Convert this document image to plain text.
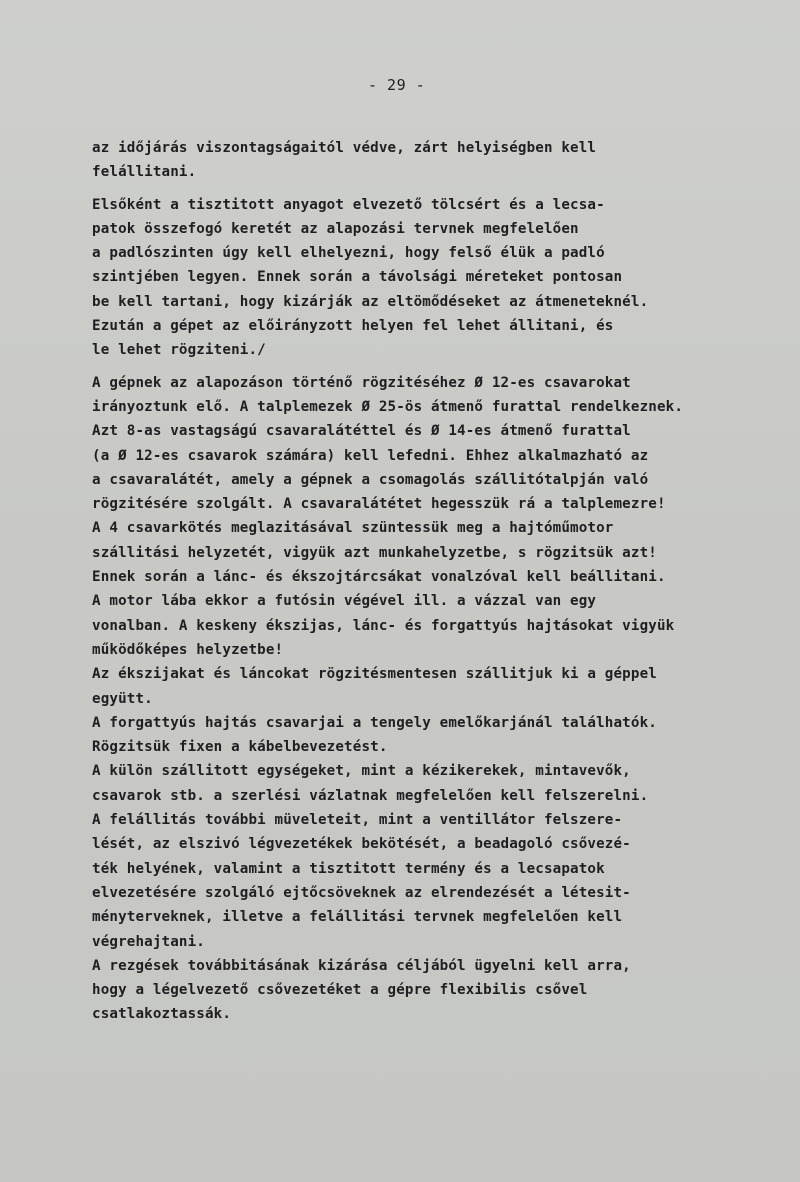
- 29 -
az időjárás viszontagságaitól védve, zárt helyiségben kell
felállitani.
Elsőként a tisztitott anyagot elvezető tölcsért és a lecsa-
patok összefogó keretét az alapozási tervnek megfelelően
a padlószinten úgy kell elhelyezni, hogy felső élük a padló
szintjében legyen. Ennek során a távolsági méreteket pontosan
be kell tartani, hogy kizárják az eltömődéseket az átmeneteknél.
Ezután a gépet az előirányzott helyen fel lehet állitani, és
le lehet rögziteni./
A gépnek az alapozáson történő rögzitéséhez Ø 12-es csavarokat
irányoztunk elő. A talplemezek Ø 25-ös átmenő furattal rendelkeznek.
Azt 8-as vastagságú csavaralátéttel és Ø 14-es átmenő furattal
(a Ø 12-es csavarok számára) kell lefedni. Ehhez alkalmazható az
a csavaralátét, amely a gépnek a csomagolás szállitótalpján való
rögzitésére szolgált. A csavaralátétet hegesszük rá a talplemezre!
A 4 csavarkötés meglazitásával szüntessük meg a hajtóműmotor
szállitási helyzetét, vigyük azt munkahelyzetbe, s rögzitsük azt!
Ennek során a lánc- és ékszojtárcsákat vonalzóval kell beállitani.
A motor lába ekkor a futósin végével ill. a vázzal van egy
vonalban. A keskeny ékszijas, lánc- és forgattyús hajtásokat vigyük
működőképes helyzetbe!
Az ékszijakat és láncokat rögzitésmentesen szállitjuk ki a géppel
együtt.
A forgattyús hajtás csavarjai a tengely emelőkarjánál találhatók.
Rögzitsük fixen a kábelbevezetést.
A külön szállitott egységeket, mint a kézikerekek, mintavevők,
csavarok stb. a szerlési vázlatnak megfelelően kell felszerelni.
A felállitás további müveleteit, mint a ventillátor felszere-
lését, az elszivó légvezetékek bekötését, a beadagoló csővezé-
ték helyének, valamint a tisztitott termény és a lecsapatok
elvezetésére szolgáló ejtőcsöveknek az elrendezését a létesit-
ményterveknek, illetve a felállitási tervnek megfelelően kell
végrehajtani.
A rezgések továbbitásának kizárása céljából ügyelni kell arra,
hogy a légelvezető csővezetéket a gépre flexibilis csővel
csatlakoztassák.
